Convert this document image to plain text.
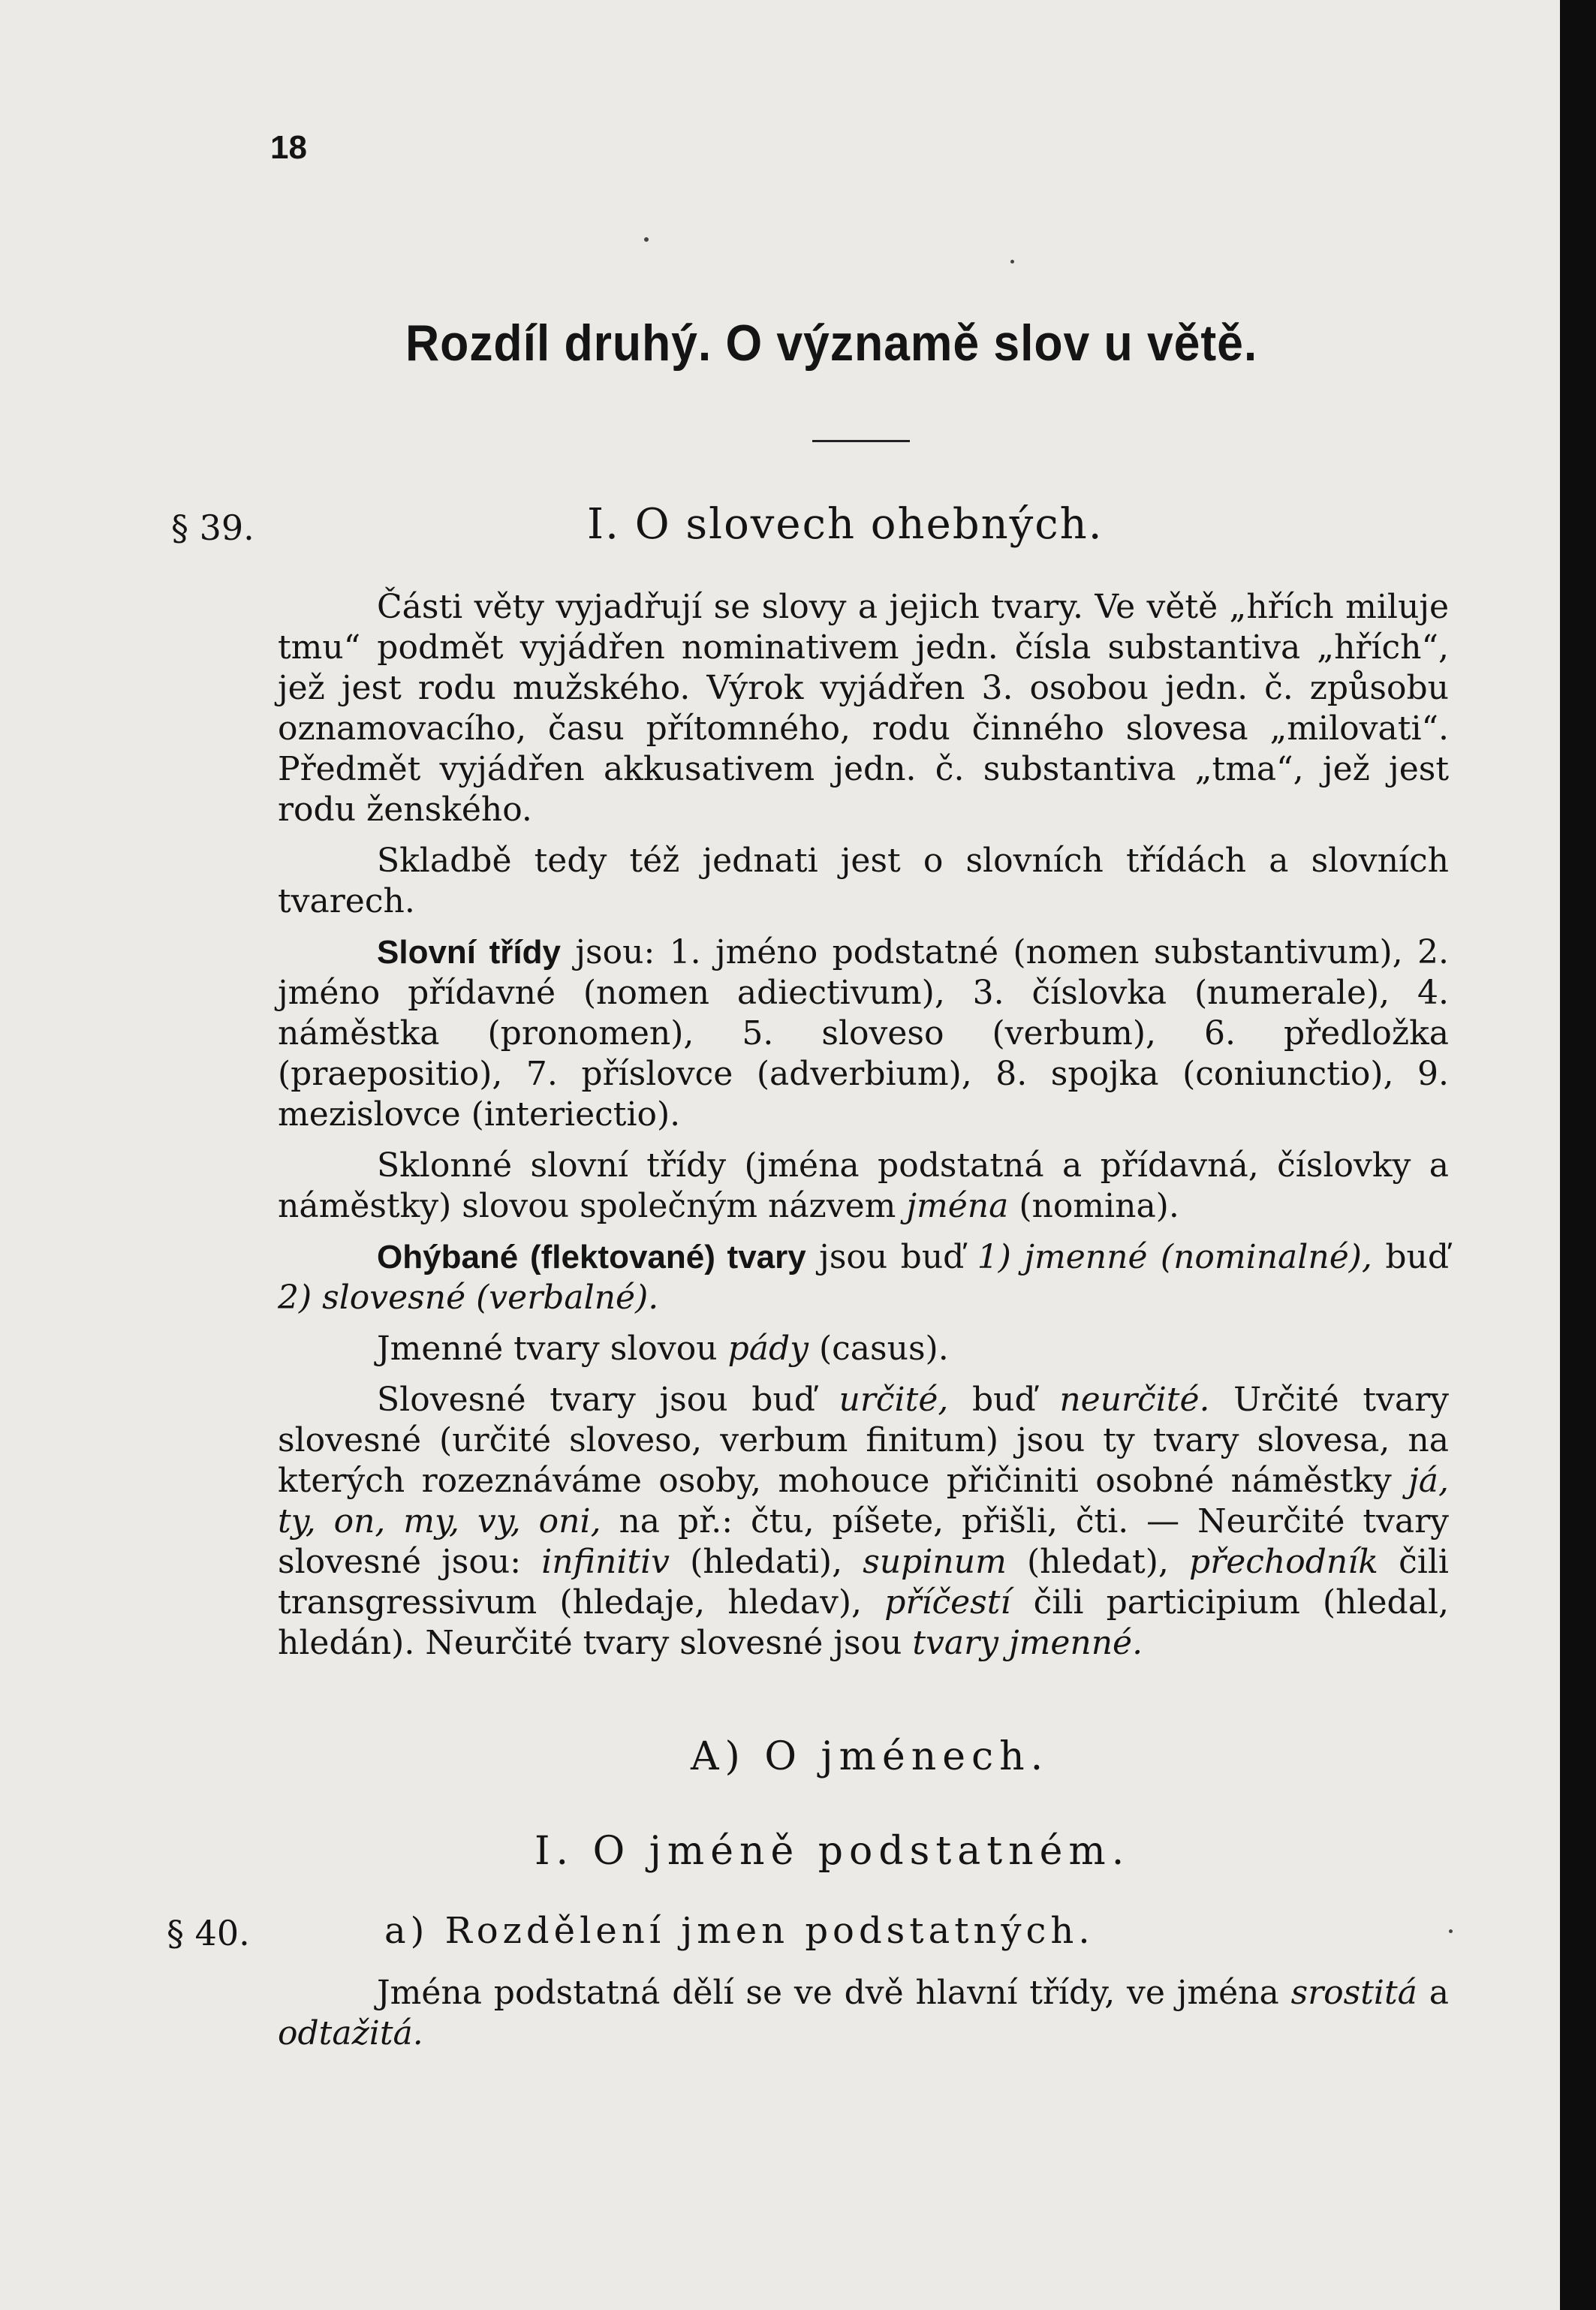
18
Rozdíl druhý. O významě slov u větě.
§ 39.	I. O slovech ohebných.

Části věty vyjadřují se slovy a jejich tvary. Ve větě „hřích miluje tmu“ podmět vyjádřen nominativem jedn. čísla substantiva „hřích“, jež jest rodu mužského. Výrok vyjádřen 3. osobou jedn. č. způsobu oznamovacího, času přítomného, rodu činného slovesa „milovati“. Předmět vyjádřen akkusativem jedn. č. substantiva „tma“, jež jest rodu ženského.

Skladbě tedy též jednati jest o slovních třídách a slovních tvarech.

Slovní třídy jsou: 1. jméno podstatné (nomen substantivum), 2. jméno přídavné (nomen adiectivum), 3. číslovka (numerale), 4. náměstka (pronomen), 5. sloveso (verbum), 6. předložka (praepositio), 7. příslovce (adverbium), 8. spojka (coniunctio), 9. mezislovce (interiectio).

Sklonné slovní třídy (jména podstatná a přídavná, číslovky a náměstky) slovou společným názvem jména (nomina).

Ohýbané (flektované) tvary jsou buď 1) jmenné (nominalné), buď 2) slovesné (verbalné).

Jmenné tvary slovou pády (casus).

Slovesné tvary jsou buď určité, buď neurčité. Určité tvary slovesné (určité sloveso, verbum finitum) jsou ty tvary slovesa, na kterých rozeznáváme osoby, mohouce přičiniti osobné náměstky já, ty, on, my, vy, oni, na př.: čtu, píšete, přišli, čti. — Neurčité tvary slovesné jsou: infinitiv (hledati), supinum (hledat), přechodník čili transgressivum (hledaje, hledav), příčestí čili participium (hledal, hledán). Neurčité tvary slovesné jsou tvary jmenné.

A) O jménech.
I. O jméně podstatném.
§ 40.	a) Rozdělení jmen podstatných.

Jména podstatná dělí se ve dvě hlavní třídy, ve jména srostitá a odtažitá.
